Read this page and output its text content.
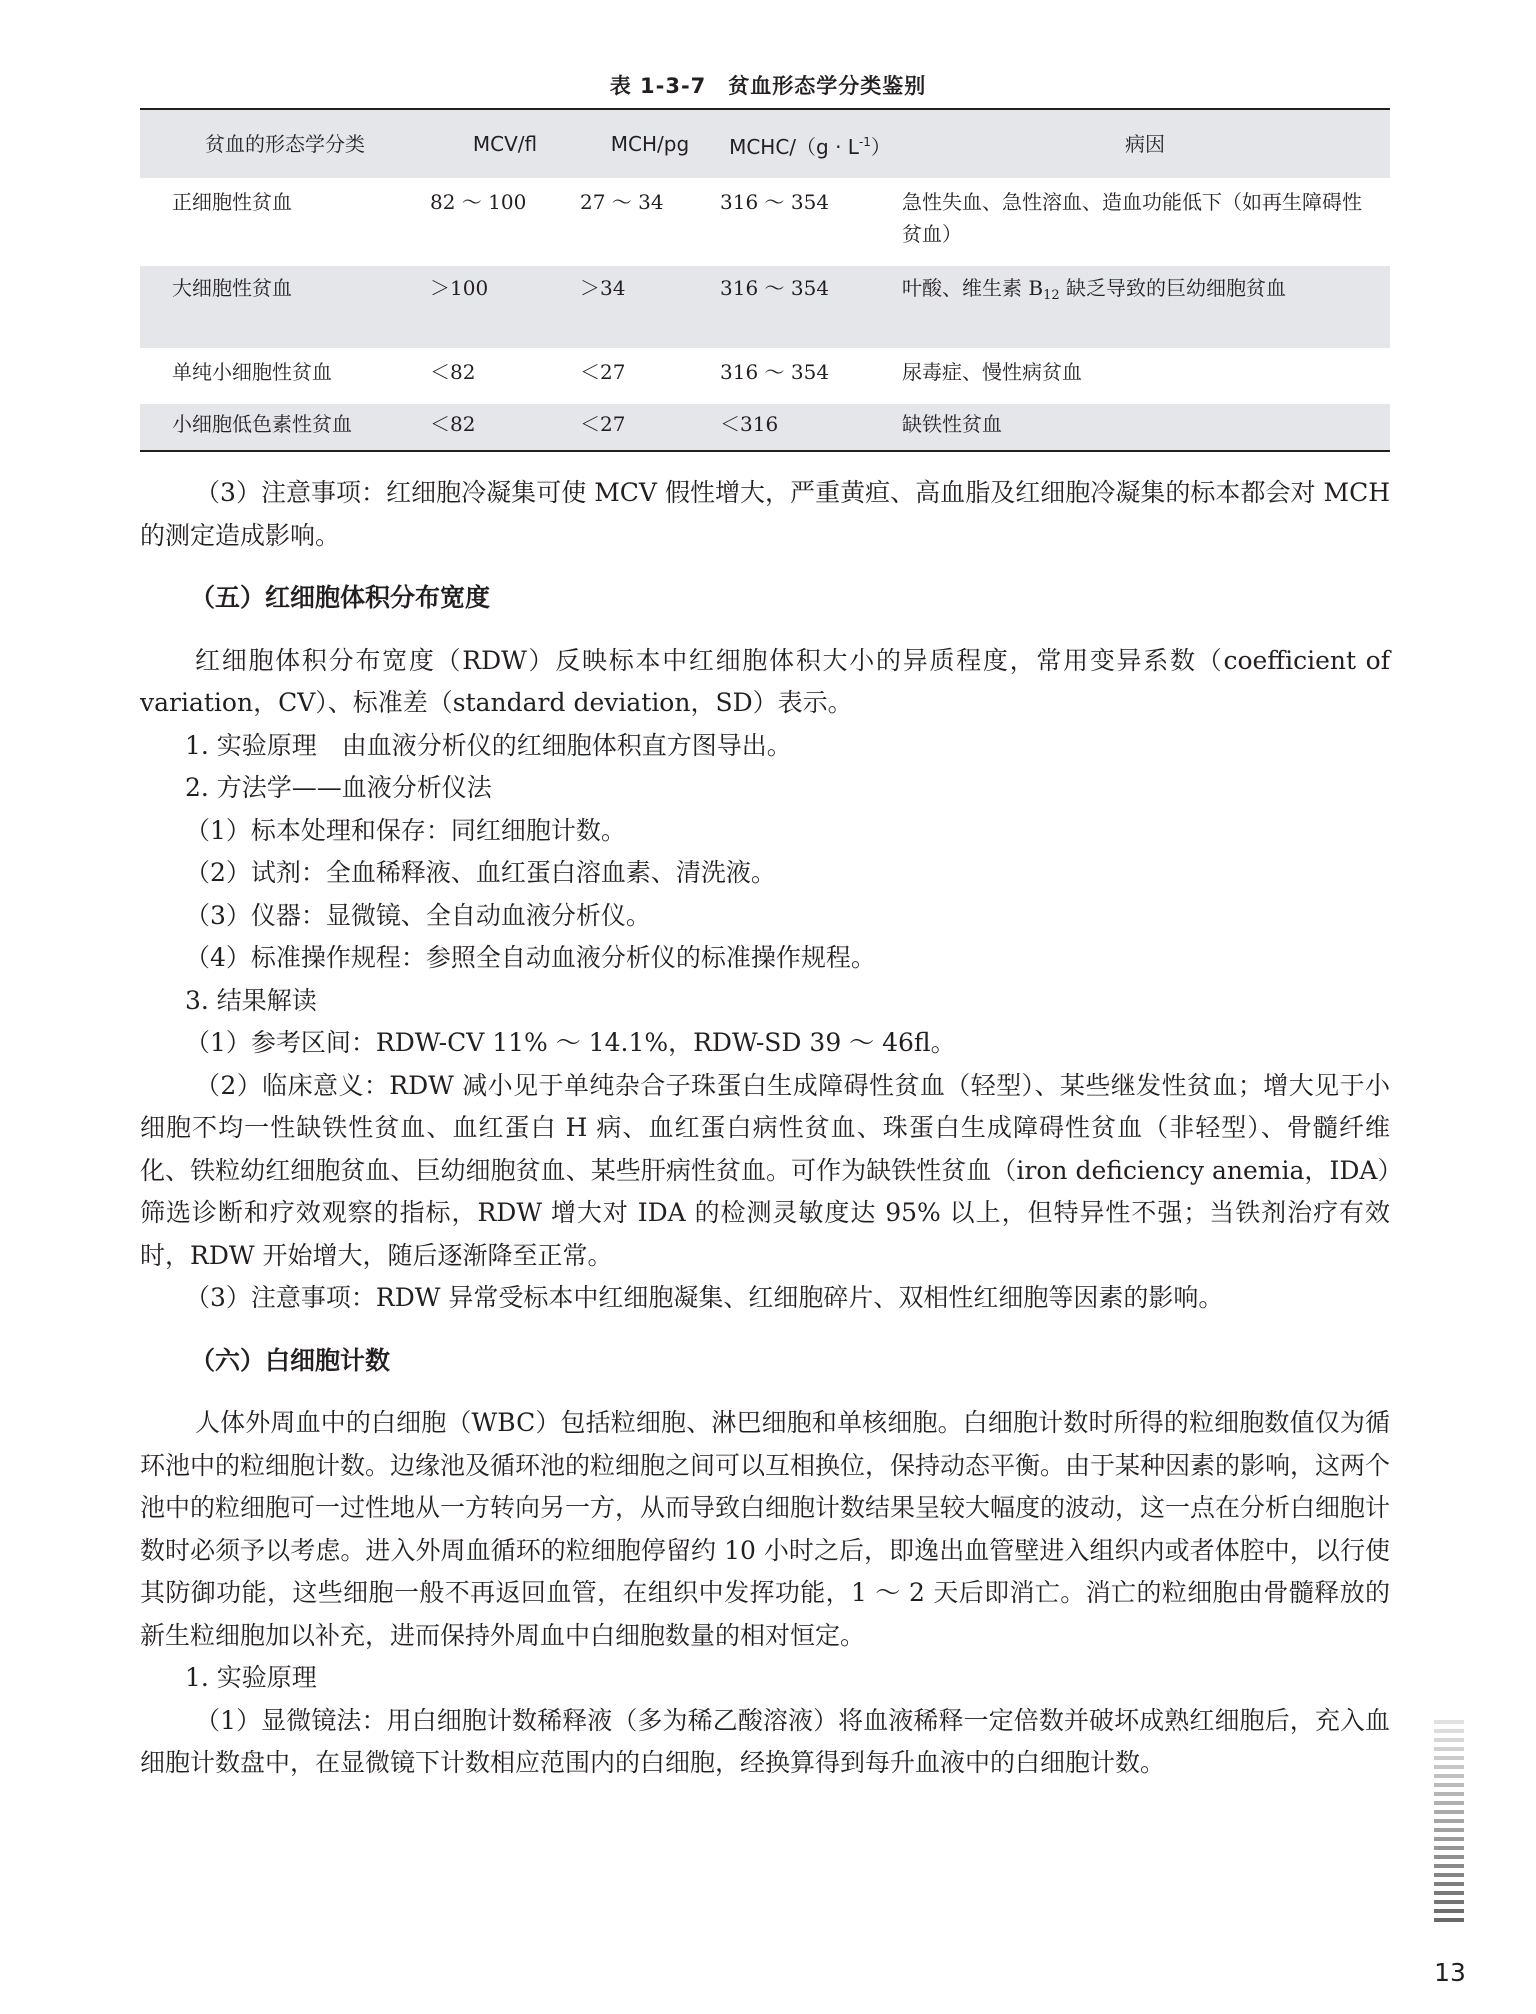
表 1-3-7　贫血形态学分类鉴别
贫血的形态学分类	MCV/fl	MCH/pg	MCHC/（g · $L^{-1}$）	病因
正细胞性贫血	82 ～ 100	27 ～ 34	316 ～ 354	急性失血、急性溶血、造血功能低下（如再生障碍性贫血）
大细胞性贫血	＞100	＞34	316 ～ 354	叶酸、维生素 $B_{12}$ 缺乏导致的巨幼细胞贫血
单纯小细胞性贫血	＜82	＜27	316 ～ 354	尿毒症、慢性病贫血
小细胞低色素性贫血	＜82	＜27	＜316	缺铁性贫血

（3）注意事项：红细胞冷凝集可使 MCV 假性增大，严重黄疸、高血脂及红细胞冷凝集的标本都会对 MCH 的测定造成影响。

（五）红细胞体积分布宽度

红细胞体积分布宽度（RDW）反映标本中红细胞体积大小的异质程度，常用变异系数（coefficient of variation，CV）、标准差（standard deviation，SD）表示。

1. 实验原理　由血液分析仪的红细胞体积直方图导出。

2. 方法学——血液分析仪法

（1）标本处理和保存：同红细胞计数。

（2）试剂：全血稀释液、血红蛋白溶血素、清洗液。

（3）仪器：显微镜、全自动血液分析仪。

（4）标准操作规程：参照全自动血液分析仪的标准操作规程。

3. 结果解读

（1）参考区间：RDW-CV 11% ～ 14.1%，RDW-SD 39 ～ 46fl。

（2）临床意义：RDW 减小见于单纯杂合子珠蛋白生成障碍性贫血（轻型）、某些继发性贫血；增大见于小细胞不均一性缺铁性贫血、血红蛋白 H 病、血红蛋白病性贫血、珠蛋白生成障碍性贫血（非轻型）、骨髓纤维化、铁粒幼红细胞贫血、巨幼细胞贫血、某些肝病性贫血。可作为缺铁性贫血（iron deficiency anemia，IDA）筛选诊断和疗效观察的指标，RDW 增大对 IDA 的检测灵敏度达 95% 以上，但特异性不强；当铁剂治疗有效时，RDW 开始增大，随后逐渐降至正常。

（3）注意事项：RDW 异常受标本中红细胞凝集、红细胞碎片、双相性红细胞等因素的影响。

（六）白细胞计数

人体外周血中的白细胞（WBC）包括粒细胞、淋巴细胞和单核细胞。白细胞计数时所得的粒细胞数值仅为循环池中的粒细胞计数。边缘池及循环池的粒细胞之间可以互相换位，保持动态平衡。由于某种因素的影响，这两个池中的粒细胞可一过性地从一方转向另一方，从而导致白细胞计数结果呈较大幅度的波动，这一点在分析白细胞计数时必须予以考虑。进入外周血循环的粒细胞停留约 10 小时之后，即逸出血管壁进入组织内或者体腔中，以行使其防御功能，这些细胞一般不再返回血管，在组织中发挥功能，1 ～ 2 天后即消亡。消亡的粒细胞由骨髓释放的新生粒细胞加以补充，进而保持外周血中白细胞数量的相对恒定。

1. 实验原理

（1）显微镜法：用白细胞计数稀释液（多为稀乙酸溶液）将血液稀释一定倍数并破坏成熟红细胞后，充入血细胞计数盘中，在显微镜下计数相应范围内的白细胞，经换算得到每升血液中的白细胞计数。

13
